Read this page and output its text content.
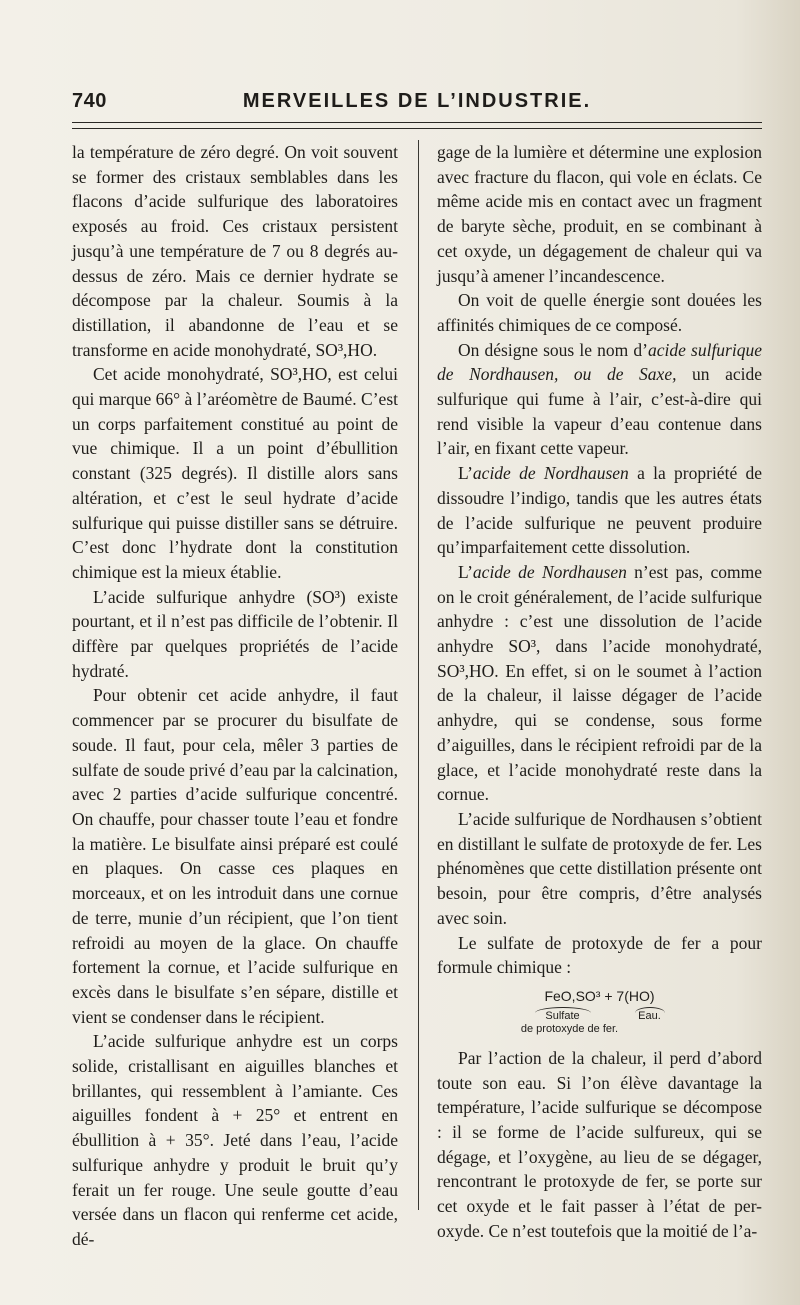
740	MERVEILLES DE L’INDUSTRIE.

la température de zéro degré. On voit souvent se former des cristaux semblables dans les flacons d’acide sulfurique des laboratoires exposés au froid. Ces cristaux persistent jusqu’à une température de 7 ou 8 degrés au-dessus de zéro. Mais ce dernier hydrate se décompose par la chaleur. Soumis à la distillation, il abandonne de l’eau et se transforme en acide monohydraté, SO³,HO.

Cet acide monohydraté, SO³,HO, est celui qui marque 66° à l’aréomètre de Baumé. C’est un corps parfaitement constitué au point de vue chimique. Il a un point d’ébullition constant (325 degrés). Il distille alors sans altération, et c’est le seul hydrate d’acide sulfurique qui puisse distiller sans se détruire. C’est donc l’hydrate dont la constitution chimique est la mieux établie.

L’acide sulfurique anhydre (SO³) existe pourtant, et il n’est pas difficile de l’obtenir. Il diffère par quelques propriétés de l’acide hydraté.

Pour obtenir cet acide anhydre, il faut commencer par se procurer du bisulfate de soude. Il faut, pour cela, mêler 3 parties de sulfate de soude privé d’eau par la calcination, avec 2 parties d’acide sulfurique concentré. On chauffe, pour chasser toute l’eau et fondre la matière. Le bisulfate ainsi préparé est coulé en plaques. On casse ces plaques en morceaux, et on les introduit dans une cornue de terre, munie d’un récipient, que l’on tient refroidi au moyen de la glace. On chauffe fortement la cornue, et l’acide sulfurique en excès dans le bisulfate s’en sépare, distille et vient se condenser dans le récipient.

L’acide sulfurique anhydre est un corps solide, cristallisant en aiguilles blanches et brillantes, qui ressemblent à l’amiante. Ces aiguilles fondent à + 25° et entrent en ébullition à + 35°. Jeté dans l’eau, l’acide sulfurique anhydre y produit le bruit qu’y ferait un fer rouge. Une seule goutte d’eau versée dans un flacon qui renferme cet acide, dé-

gage de la lumière et détermine une explosion avec fracture du flacon, qui vole en éclats. Ce même acide mis en contact avec un fragment de baryte sèche, produit, en se combinant à cet oxyde, un dégagement de chaleur qui va jusqu’à amener l’incandescence.

On voit de quelle énergie sont douées les affinités chimiques de ce composé.

On désigne sous le nom d’acide sulfurique de Nordhausen, ou de Saxe, un acide sulfurique qui fume à l’air, c’est-à-dire qui rend visible la vapeur d’eau contenue dans l’air, en fixant cette vapeur.

L’acide de Nordhausen a la propriété de dissoudre l’indigo, tandis que les autres états de l’acide sulfurique ne peuvent produire qu’imparfaitement cette dissolution.

L’acide de Nordhausen n’est pas, comme on le croit généralement, de l’acide sulfurique anhydre : c’est une dissolution de l’acide anhydre SO³, dans l’acide monohydraté, SO³,HO. En effet, si on le soumet à l’action de la chaleur, il laisse dégager de l’acide anhydre, qui se condense, sous forme d’aiguilles, dans le récipient refroidi par de la glace, et l’acide monohydraté reste dans la cornue.

L’acide sulfurique de Nordhausen s’obtient en distillant le sulfate de protoxyde de fer. Les phénomènes que cette distillation présente ont besoin, pour être compris, d’être analysés avec soin.

Le sulfate de protoxyde de fer a pour formule chimique :

FeO,SO³ + 7(HO)
Sulfate	Eau.
de protoxyde de fer.

Par l’action de la chaleur, il perd d’abord toute son eau. Si l’on élève davantage la température, l’acide sulfurique se décompose : il se forme de l’acide sulfureux, qui se dégage, et l’oxygène, au lieu de se dégager, rencontrant le protoxyde de fer, se porte sur cet oxyde et le fait passer à l’état de per-oxyde. Ce n’est toutefois que la moitié de l’a-
